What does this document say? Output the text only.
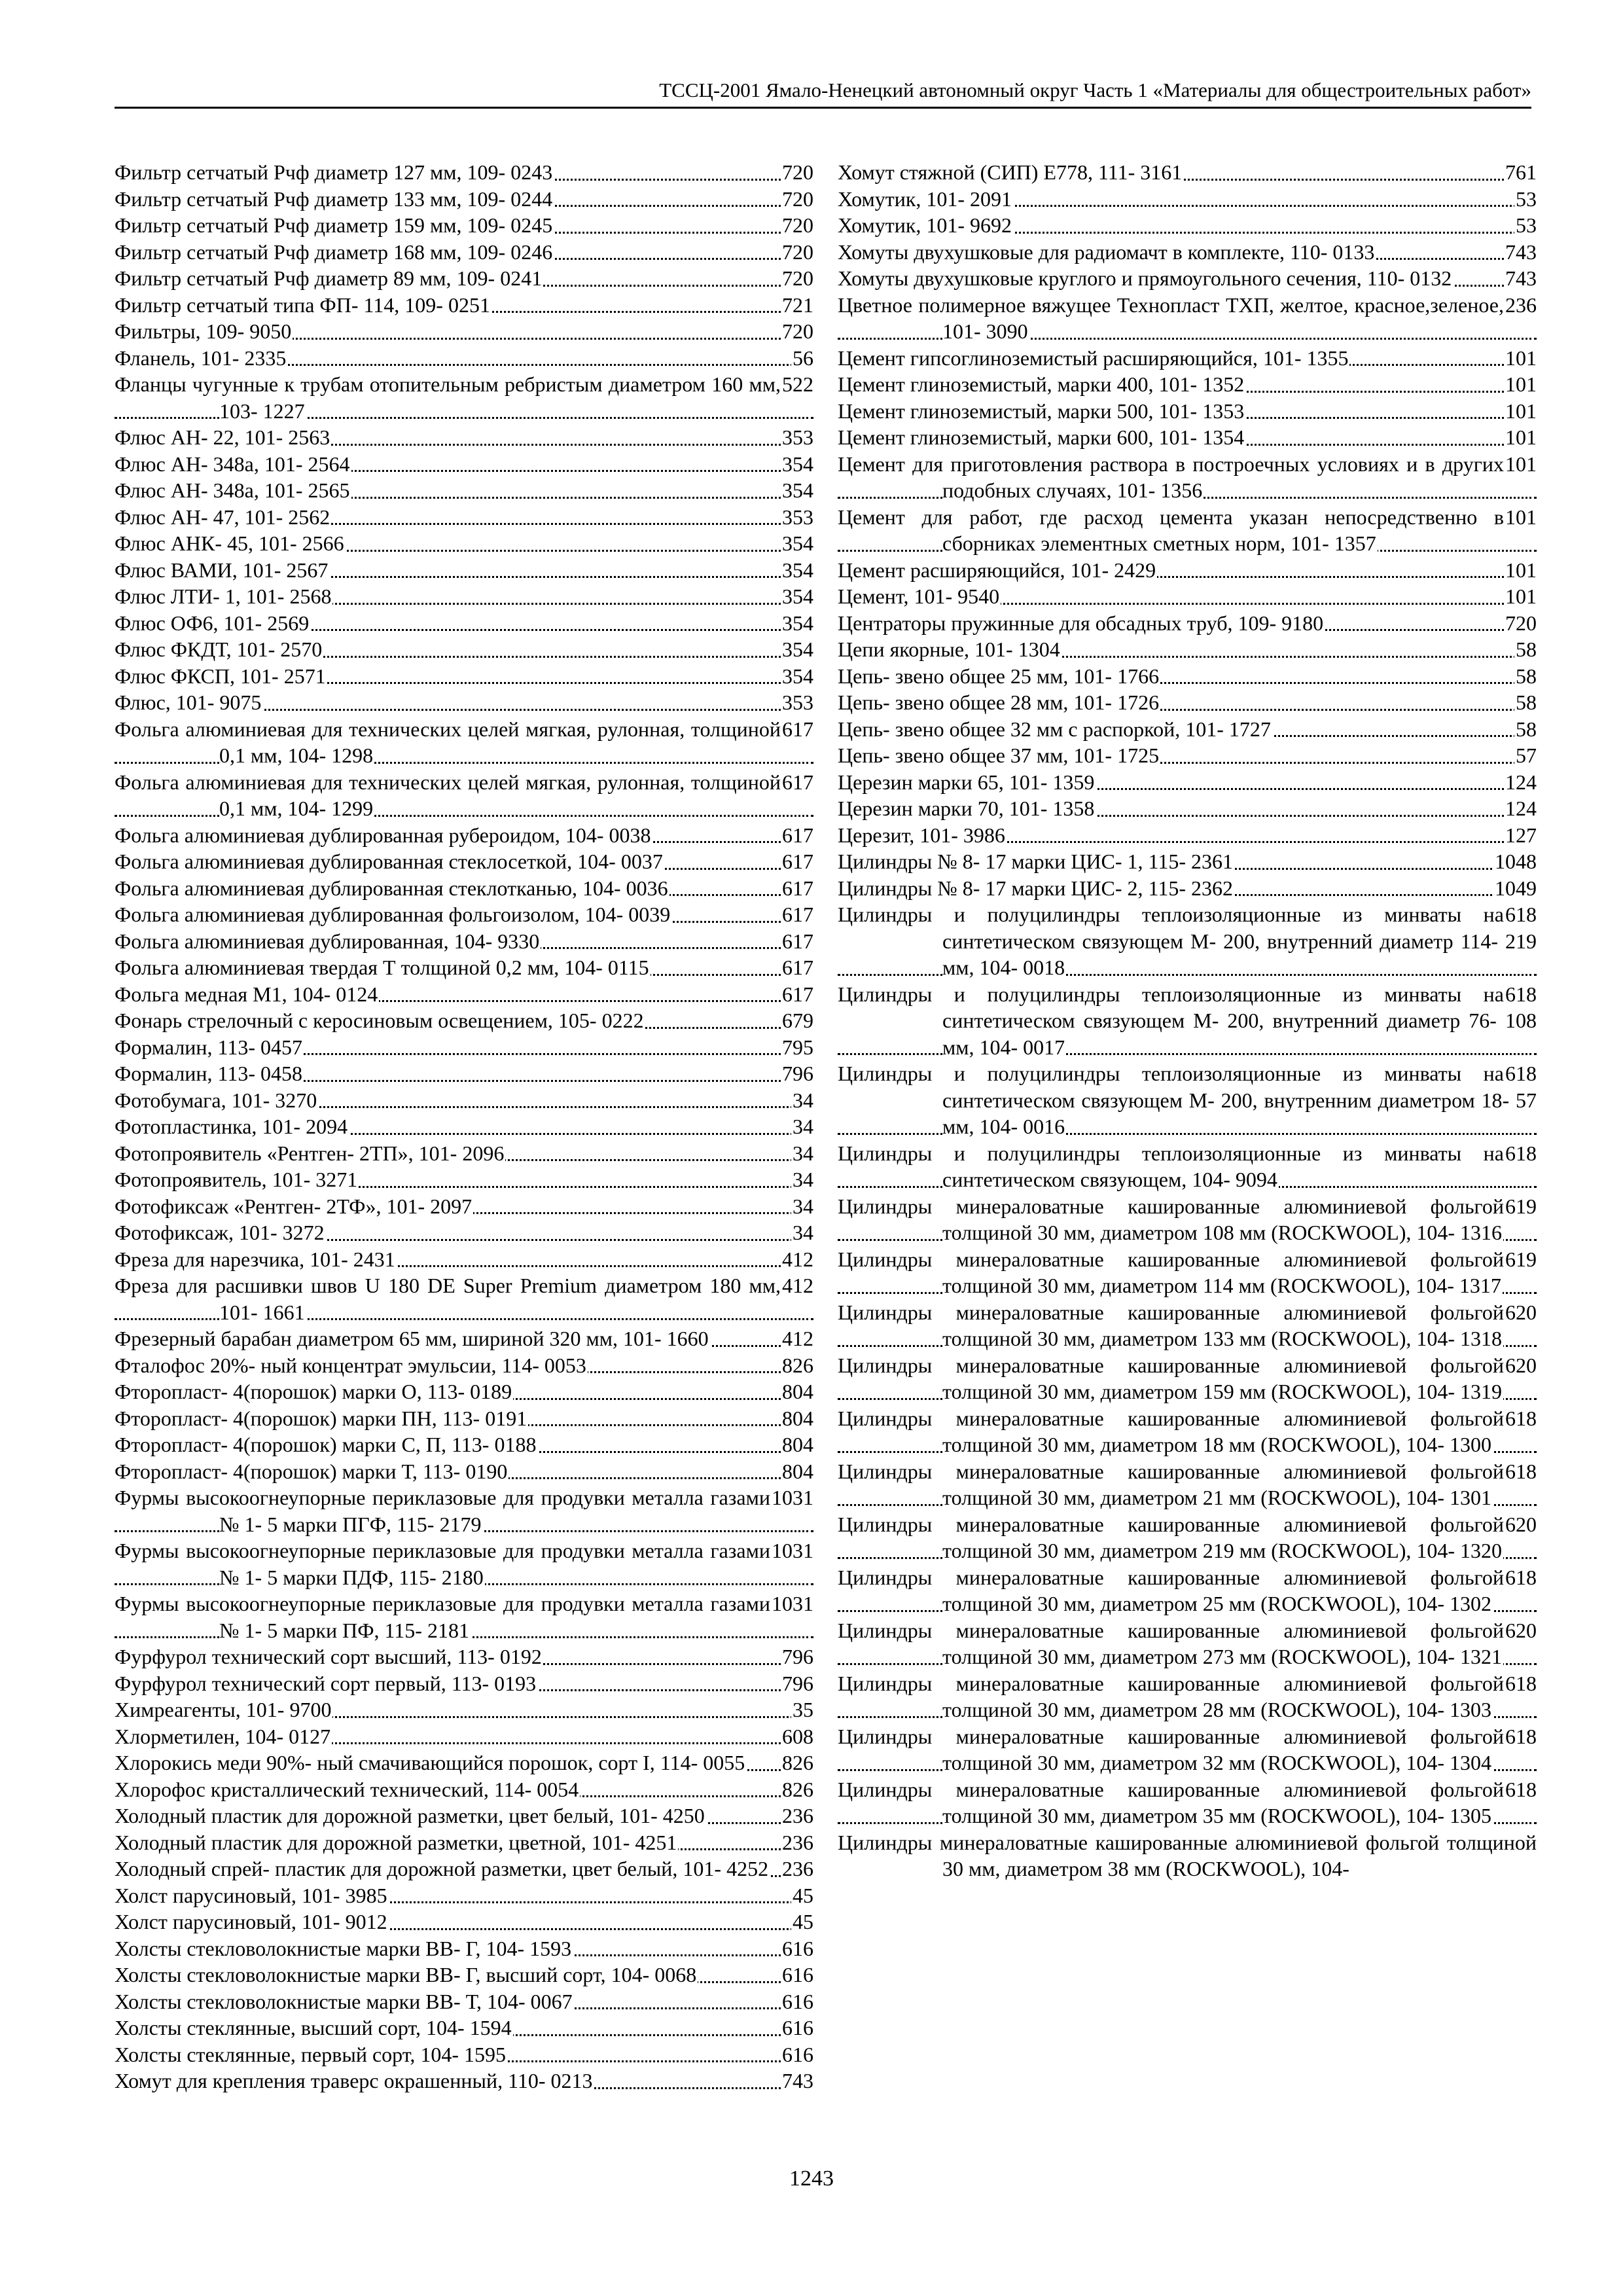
ТССЦ-2001 Ямало-Ненецкий автономный округ Часть 1 «Материалы для общестроительных работ»
720
Фильтр сетчатый Рчф диаметр 127 мм, 109- 0243
720
Фильтр сетчатый Рчф диаметр 133 мм, 109- 0244
720
Фильтр сетчатый Рчф диаметр 159 мм, 109- 0245
720
Фильтр сетчатый Рчф диаметр 168 мм, 109- 0246
720
Фильтр сетчатый Рчф диаметр 89 мм, 109- 0241
721
Фильтр сетчатый типа ФП- 114, 109- 0251
720
Фильтры, 109- 9050
56
Фланель, 101- 2335
522
Фланцы чугунные к трубам отопительным ребристым диаметром 160 мм, 103- 1227
353
Флюс АН- 22, 101- 2563
354
Флюс АН- 348а, 101- 2564
354
Флюс АН- 348а, 101- 2565
353
Флюс АН- 47, 101- 2562
354
Флюс АНК- 45, 101- 2566
354
Флюс ВАМИ, 101- 2567
354
Флюс ЛТИ- 1, 101- 2568
354
Флюс ОФ6, 101- 2569
354
Флюс ФКДТ, 101- 2570
354
Флюс ФКСП, 101- 2571
353
Флюс, 101- 9075
617
Фольга алюминиевая для технических целей мягкая, рулонная, толщиной 0,1 мм, 104- 1298
617
Фольга алюминиевая для технических целей мягкая, рулонная, толщиной 0,1 мм, 104- 1299
617
Фольга алюминиевая дублированная рубероидом, 104- 0038
617
Фольга алюминиевая дублированная стеклосеткой, 104- 0037
617
Фольга алюминиевая дублированная стеклотканью, 104- 0036
617
Фольга алюминиевая дублированная фольгоизолом, 104- 0039
617
Фольга алюминиевая дублированная, 104- 9330
617
Фольга алюминиевая твердая Т толщиной 0,2 мм, 104- 0115
617
Фольга медная М1, 104- 0124
679
Фонарь стрелочный с керосиновым освещением, 105- 0222
795
Формалин, 113- 0457
796
Формалин, 113- 0458
34
Фотобумага, 101- 3270
34
Фотопластинка, 101- 2094
34
Фотопроявитель «Рентген- 2ТП», 101- 2096
34
Фотопроявитель, 101- 3271
34
Фотофиксаж «Рентген- 2ТФ», 101- 2097
34
Фотофиксаж, 101- 3272
412
Фреза для нарезчика, 101- 2431
412
Фреза для расшивки швов U 180 DE Super Premium диаметром 180 мм, 101- 1661
412
Фрезерный барабан диаметром 65 мм, шириной 320 мм, 101- 1660
826
Фталофос 20%- ный концентрат эмульсии, 114- 0053
804
Фторопласт- 4(порошок) марки О, 113- 0189
804
Фторопласт- 4(порошок) марки ПН, 113- 0191
804
Фторопласт- 4(порошок) марки С, П, 113- 0188
804
Фторопласт- 4(порошок) марки Т, 113- 0190
1031
Фурмы высокоогнеупорные периклазовые для продувки металла газами № 1- 5 марки ПГФ, 115- 2179
1031
Фурмы высокоогнеупорные периклазовые для продувки металла газами № 1- 5 марки ПДФ, 115- 2180
1031
Фурмы высокоогнеупорные периклазовые для продувки металла газами № 1- 5 марки ПФ, 115- 2181
796
Фурфурол технический сорт высший, 113- 0192
796
Фурфурол технический сорт первый, 113- 0193
35
Химреагенты, 101- 9700
608
Хлорметилен, 104- 0127
826
Хлорокись меди 90%- ный смачивающийся порошок, сорт I, 114- 0055
826
Хлорофос кристаллический технический, 114- 0054
236
Холодный пластик для дорожной разметки, цвет белый, 101- 4250
236
Холодный пластик для дорожной разметки, цветной, 101- 4251
236
Холодный спрей- пластик для дорожной разметки, цвет белый, 101- 4252
45
Холст парусиновый, 101- 3985
45
Холст парусиновый, 101- 9012
616
Холсты стекловолокнистые марки ВВ- Г, 104- 1593
616
Холсты стекловолокнистые марки ВВ- Г, высший сорт, 104- 0068
616
Холсты стекловолокнистые марки ВВ- Т, 104- 0067
616
Холсты стеклянные, высший сорт, 104- 1594
616
Холсты стеклянные, первый сорт, 104- 1595
743
Хомут для крепления траверс окрашенный, 110- 0213
761
Хомут стяжной (СИП) Е778, 111- 3161
53
Хомутик, 101- 2091
53
Хомутик, 101- 9692
743
Хомуты двухушковые для радиомачт в комплекте, 110- 0133
743
Хомуты двухушковые круглого и прямоугольного сечения, 110- 0132
236
Цветное полимерное вяжущее Технопласт ТХП, желтое, красное,зеленое, 101- 3090
101
Цемент гипсоглиноземистый расширяющийся, 101- 1355
101
Цемент глиноземистый, марки 400, 101- 1352
101
Цемент глиноземистый, марки 500, 101- 1353
101
Цемент глиноземистый, марки 600, 101- 1354
101
Цемент для приготовления раствора в построечных условиях и в других подобных случаях, 101- 1356
101
Цемент для работ, где расход цемента указан непосредственно в сборниках элементных сметных норм, 101- 1357
101
Цемент расширяющийся, 101- 2429
101
Цемент, 101- 9540
720
Центраторы пружинные для обсадных труб, 109- 9180
58
Цепи якорные, 101- 1304
58
Цепь- звено общее 25 мм, 101- 1766
58
Цепь- звено общее 28 мм, 101- 1726
58
Цепь- звено общее 32 мм с распоркой, 101- 1727
57
Цепь- звено общее 37 мм, 101- 1725
124
Церезин марки 65, 101- 1359
124
Церезин марки 70, 101- 1358
127
Церезит, 101- 3986
1048
Цилиндры № 8- 17 марки ЦИС- 1, 115- 2361
1049
Цилиндры № 8- 17 марки ЦИС- 2, 115- 2362
618
Цилиндры и полуцилиндры теплоизоляционные из минваты на синтетическом связующем М- 200, внутренний диаметр 114- 219 мм, 104- 0018
618
Цилиндры и полуцилиндры теплоизоляционные из минваты на синтетическом связующем М- 200, внутренний диаметр 76- 108 мм, 104- 0017
618
Цилиндры и полуцилиндры теплоизоляционные из минваты на синтетическом связующем М- 200, внутренним диаметром 18- 57 мм, 104- 0016
618
Цилиндры и полуцилиндры теплоизоляционные из минваты на синтетическом связующем, 104- 9094
619
Цилиндры минераловатные кашированные алюминиевой фольгой толщиной 30 мм, диаметром 108 мм (ROCKWOOL), 104- 1316
619
Цилиндры минераловатные кашированные алюминиевой фольгой толщиной 30 мм, диаметром 114 мм (ROCKWOOL), 104- 1317
620
Цилиндры минераловатные кашированные алюминиевой фольгой толщиной 30 мм, диаметром 133 мм (ROCKWOOL), 104- 1318
620
Цилиндры минераловатные кашированные алюминиевой фольгой толщиной 30 мм, диаметром 159 мм (ROCKWOOL), 104- 1319
618
Цилиндры минераловатные кашированные алюминиевой фольгой толщиной 30 мм, диаметром 18 мм (ROCKWOOL), 104- 1300
618
Цилиндры минераловатные кашированные алюминиевой фольгой толщиной 30 мм, диаметром 21 мм (ROCKWOOL), 104- 1301
620
Цилиндры минераловатные кашированные алюминиевой фольгой толщиной 30 мм, диаметром 219 мм (ROCKWOOL), 104- 1320
618
Цилиндры минераловатные кашированные алюминиевой фольгой толщиной 30 мм, диаметром 25 мм (ROCKWOOL), 104- 1302
620
Цилиндры минераловатные кашированные алюминиевой фольгой толщиной 30 мм, диаметром 273 мм (ROCKWOOL), 104- 1321
618
Цилиндры минераловатные кашированные алюминиевой фольгой толщиной 30 мм, диаметром 28 мм (ROCKWOOL), 104- 1303
618
Цилиндры минераловатные кашированные алюминиевой фольгой толщиной 30 мм, диаметром 32 мм (ROCKWOOL), 104- 1304
618
Цилиндры минераловатные кашированные алюминиевой фольгой толщиной 30 мм, диаметром 35 мм (ROCKWOOL), 104- 1305
Цилиндры минераловатные кашированные алюминиевой фольгой толщиной 30 мм, диаметром 38 мм (ROCKWOOL), 104-
1243
